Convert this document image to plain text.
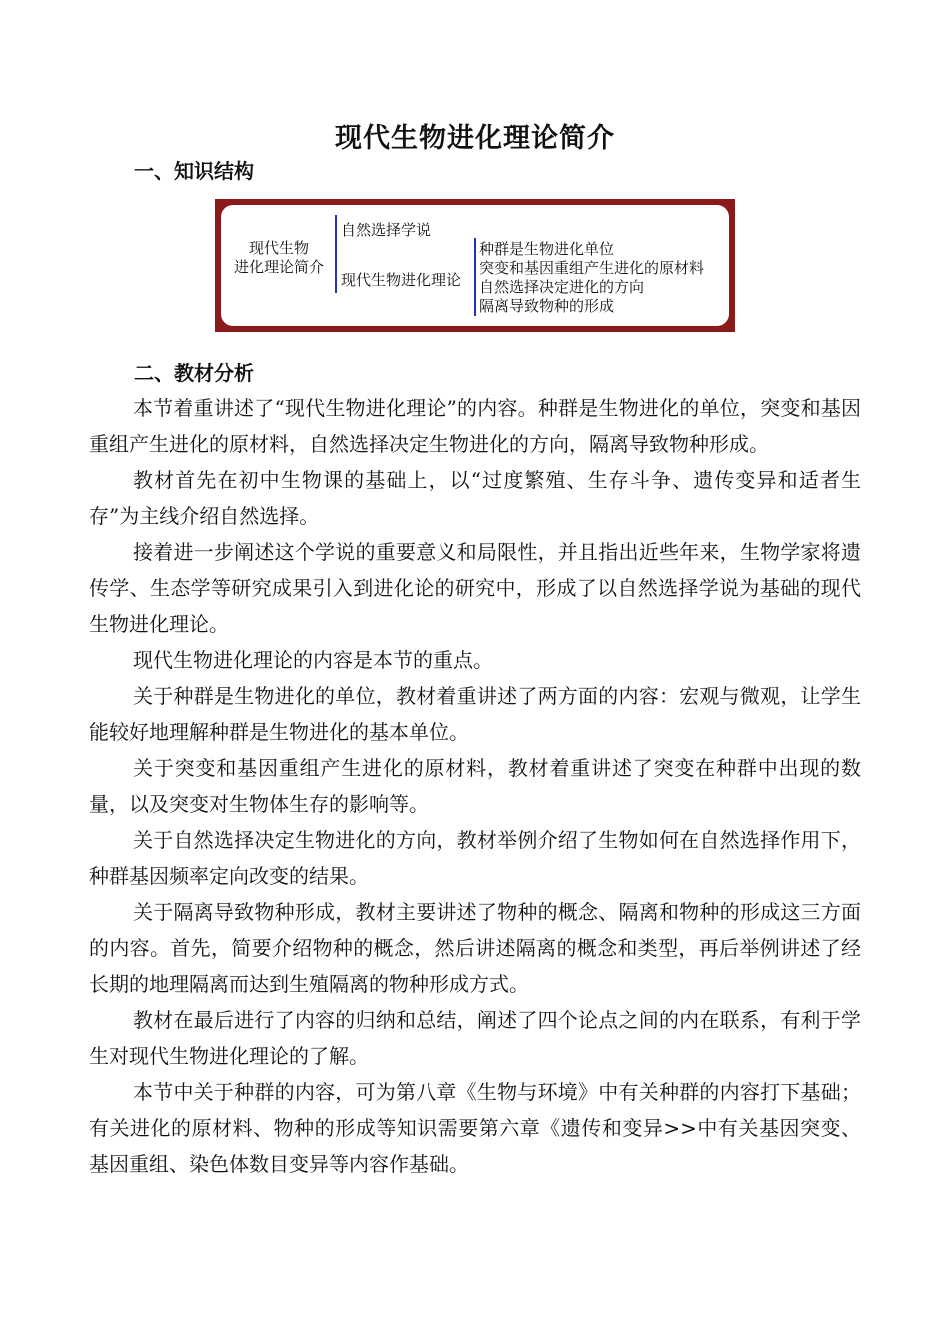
现代生物进化理论简介
一、知识结构
现代生物
进化理论简介
自然选择学说
现代生物进化理论
种群是生物进化单位
突变和基因重组产生进化的原材料
自然选择决定进化的方向
隔离导致物种的形成
二、教材分析

本节着重讲述了“现代生物进化理论”的内容。种群是生物进化的单位，突变和基因重组产生进化的原材料，自然选择决定生物进化的方向，隔离导致物种形成。

教材首先在初中生物课的基础上，以“过度繁殖、生存斗争、遗传变异和适者生存”为主线介绍自然选择。

接着进一步阐述这个学说的重要意义和局限性，并且指出近些年来，生物学家将遗传学、生态学等研究成果引入到进化论的研究中，形成了以自然选择学说为基础的现代生物进化理论。

现代生物进化理论的内容是本节的重点。

关于种群是生物进化的单位，教材着重讲述了两方面的内容：宏观与微观，让学生能较好地理解种群是生物进化的基本单位。

关于突变和基因重组产生进化的原材料，教材着重讲述了突变在种群中出现的数量，以及突变对生物体生存的影响等。

关于自然选择决定生物进化的方向，教材举例介绍了生物如何在自然选择作用下，种群基因频率定向改变的结果。

关于隔离导致物种形成，教材主要讲述了物种的概念、隔离和物种的形成这三方面的内容。首先，简要介绍物种的概念，然后讲述隔离的概念和类型，再后举例讲述了经长期的地理隔离而达到生殖隔离的物种形成方式。

教材在最后进行了内容的归纳和总结，阐述了四个论点之间的内在联系，有利于学生对现代生物进化理论的了解。

本节中关于种群的内容，可为第八章《生物与环境》中有关种群的内容打下基础；有关进化的原材料、物种的形成等知识需要第六章《遗传和变异>>中有关基因突变、基因重组、染色体数目变异等内容作基础。
